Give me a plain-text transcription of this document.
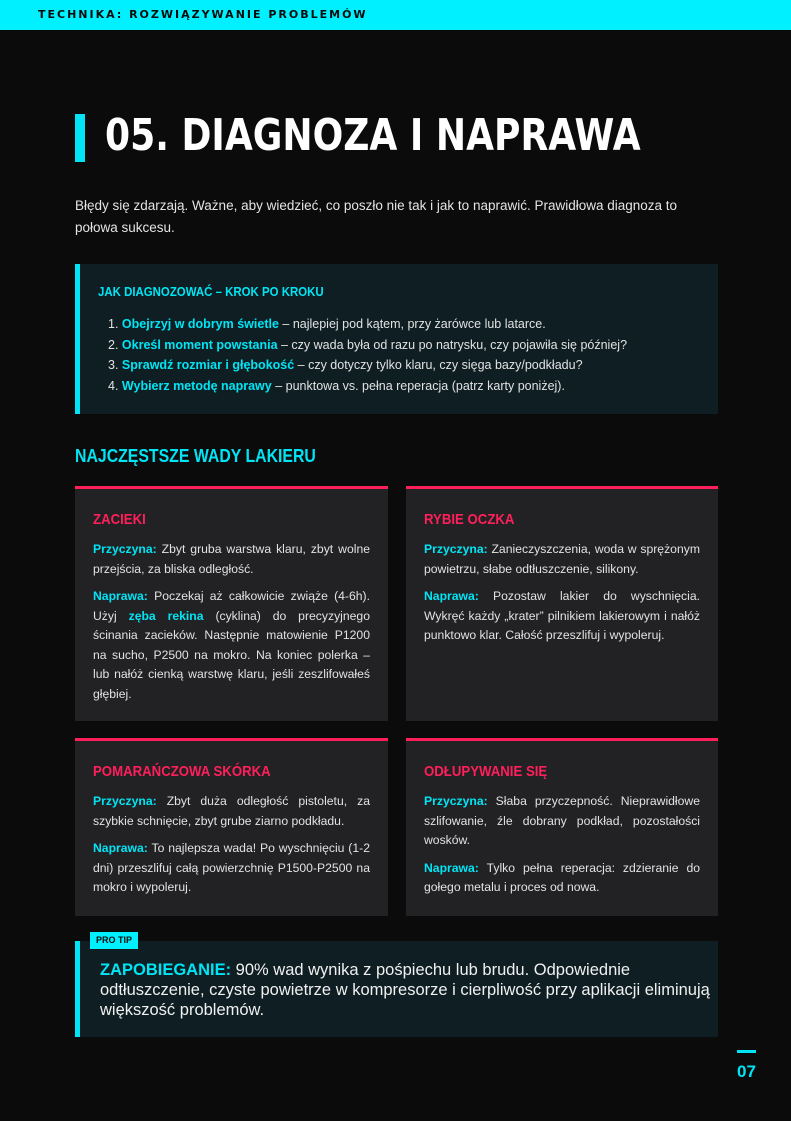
TECHNIKA: ROZWIĄZYWANIE PROBLEMÓW
05. DIAGNOZA I NAPRAWA

Błędy się zdarzają. Ważne, aby wiedzieć, co poszło nie tak i jak to naprawić. Prawidłowa diagnoza to połowa sukcesu.

JAK DIAGNOZOWAĆ – KROK PO KROKU
1. Obejrzyj w dobrym świetle – najlepiej pod kątem, przy żarówce lub latarce.
2. Określ moment powstania – czy wada była od razu po natrysku, czy pojawiła się później?
3. Sprawdź rozmiar i głębokość – czy dotyczy tylko klaru, czy sięga bazy/podkładu?
4. Wybierz metodę naprawy – punktowa vs. pełna reperacja (patrz karty poniżej).
NAJCZĘSTSZE WADY LAKIERU
ZACIEKI

Przyczyna: Zbyt gruba warstwa klaru, zbyt wolne przejścia, za bliska odległość.

Naprawa: Poczekaj aż całkowicie zwiąże (4-6h). Użyj zęba rekina (cyklina) do precyzyjnego ścinania zacieków. Następnie matowienie P1200 na sucho, P2500 na mokro. Na koniec polerka – lub nałóż cienką warstwę klaru, jeśli zeszlifowałeś głębiej.

RYBIE OCZKA

Przyczyna: Zanieczyszczenia, woda w sprężonym powietrzu, słabe odtłuszczenie, silikony.

Naprawa: Pozostaw lakier do wyschnięcia. Wykręć każdy „krater” pilnikiem lakierowym i nałóż punktowo klar. Całość przeszlifuj i wypoleruj.

POMARAŃCZOWA SKÓRKA

Przyczyna: Zbyt duża odległość pistoletu, za szybkie schnięcie, zbyt grube ziarno podkładu.

Naprawa: To najlepsza wada! Po wyschnięciu (1-2 dni) przeszlifuj całą powierzchnię P1500-P2500 na mokro i wypoleruj.

ODŁUPYWANIE SIĘ

Przyczyna: Słaba przyczepność. Nieprawidłowe szlifowanie, źle dobrany podkład, pozostałości wosków.

Naprawa: Tylko pełna reperacja: zdzieranie do gołego metalu i proces od nowa.

ZAPOBIEGANIE: 90% wad wynika z pośpiechu lub brudu. Odpowiednie odtłuszczenie, czyste powietrze w kompresorze i cierpliwość przy aplikacji eliminują większość problemów.

PRO TIP
07
